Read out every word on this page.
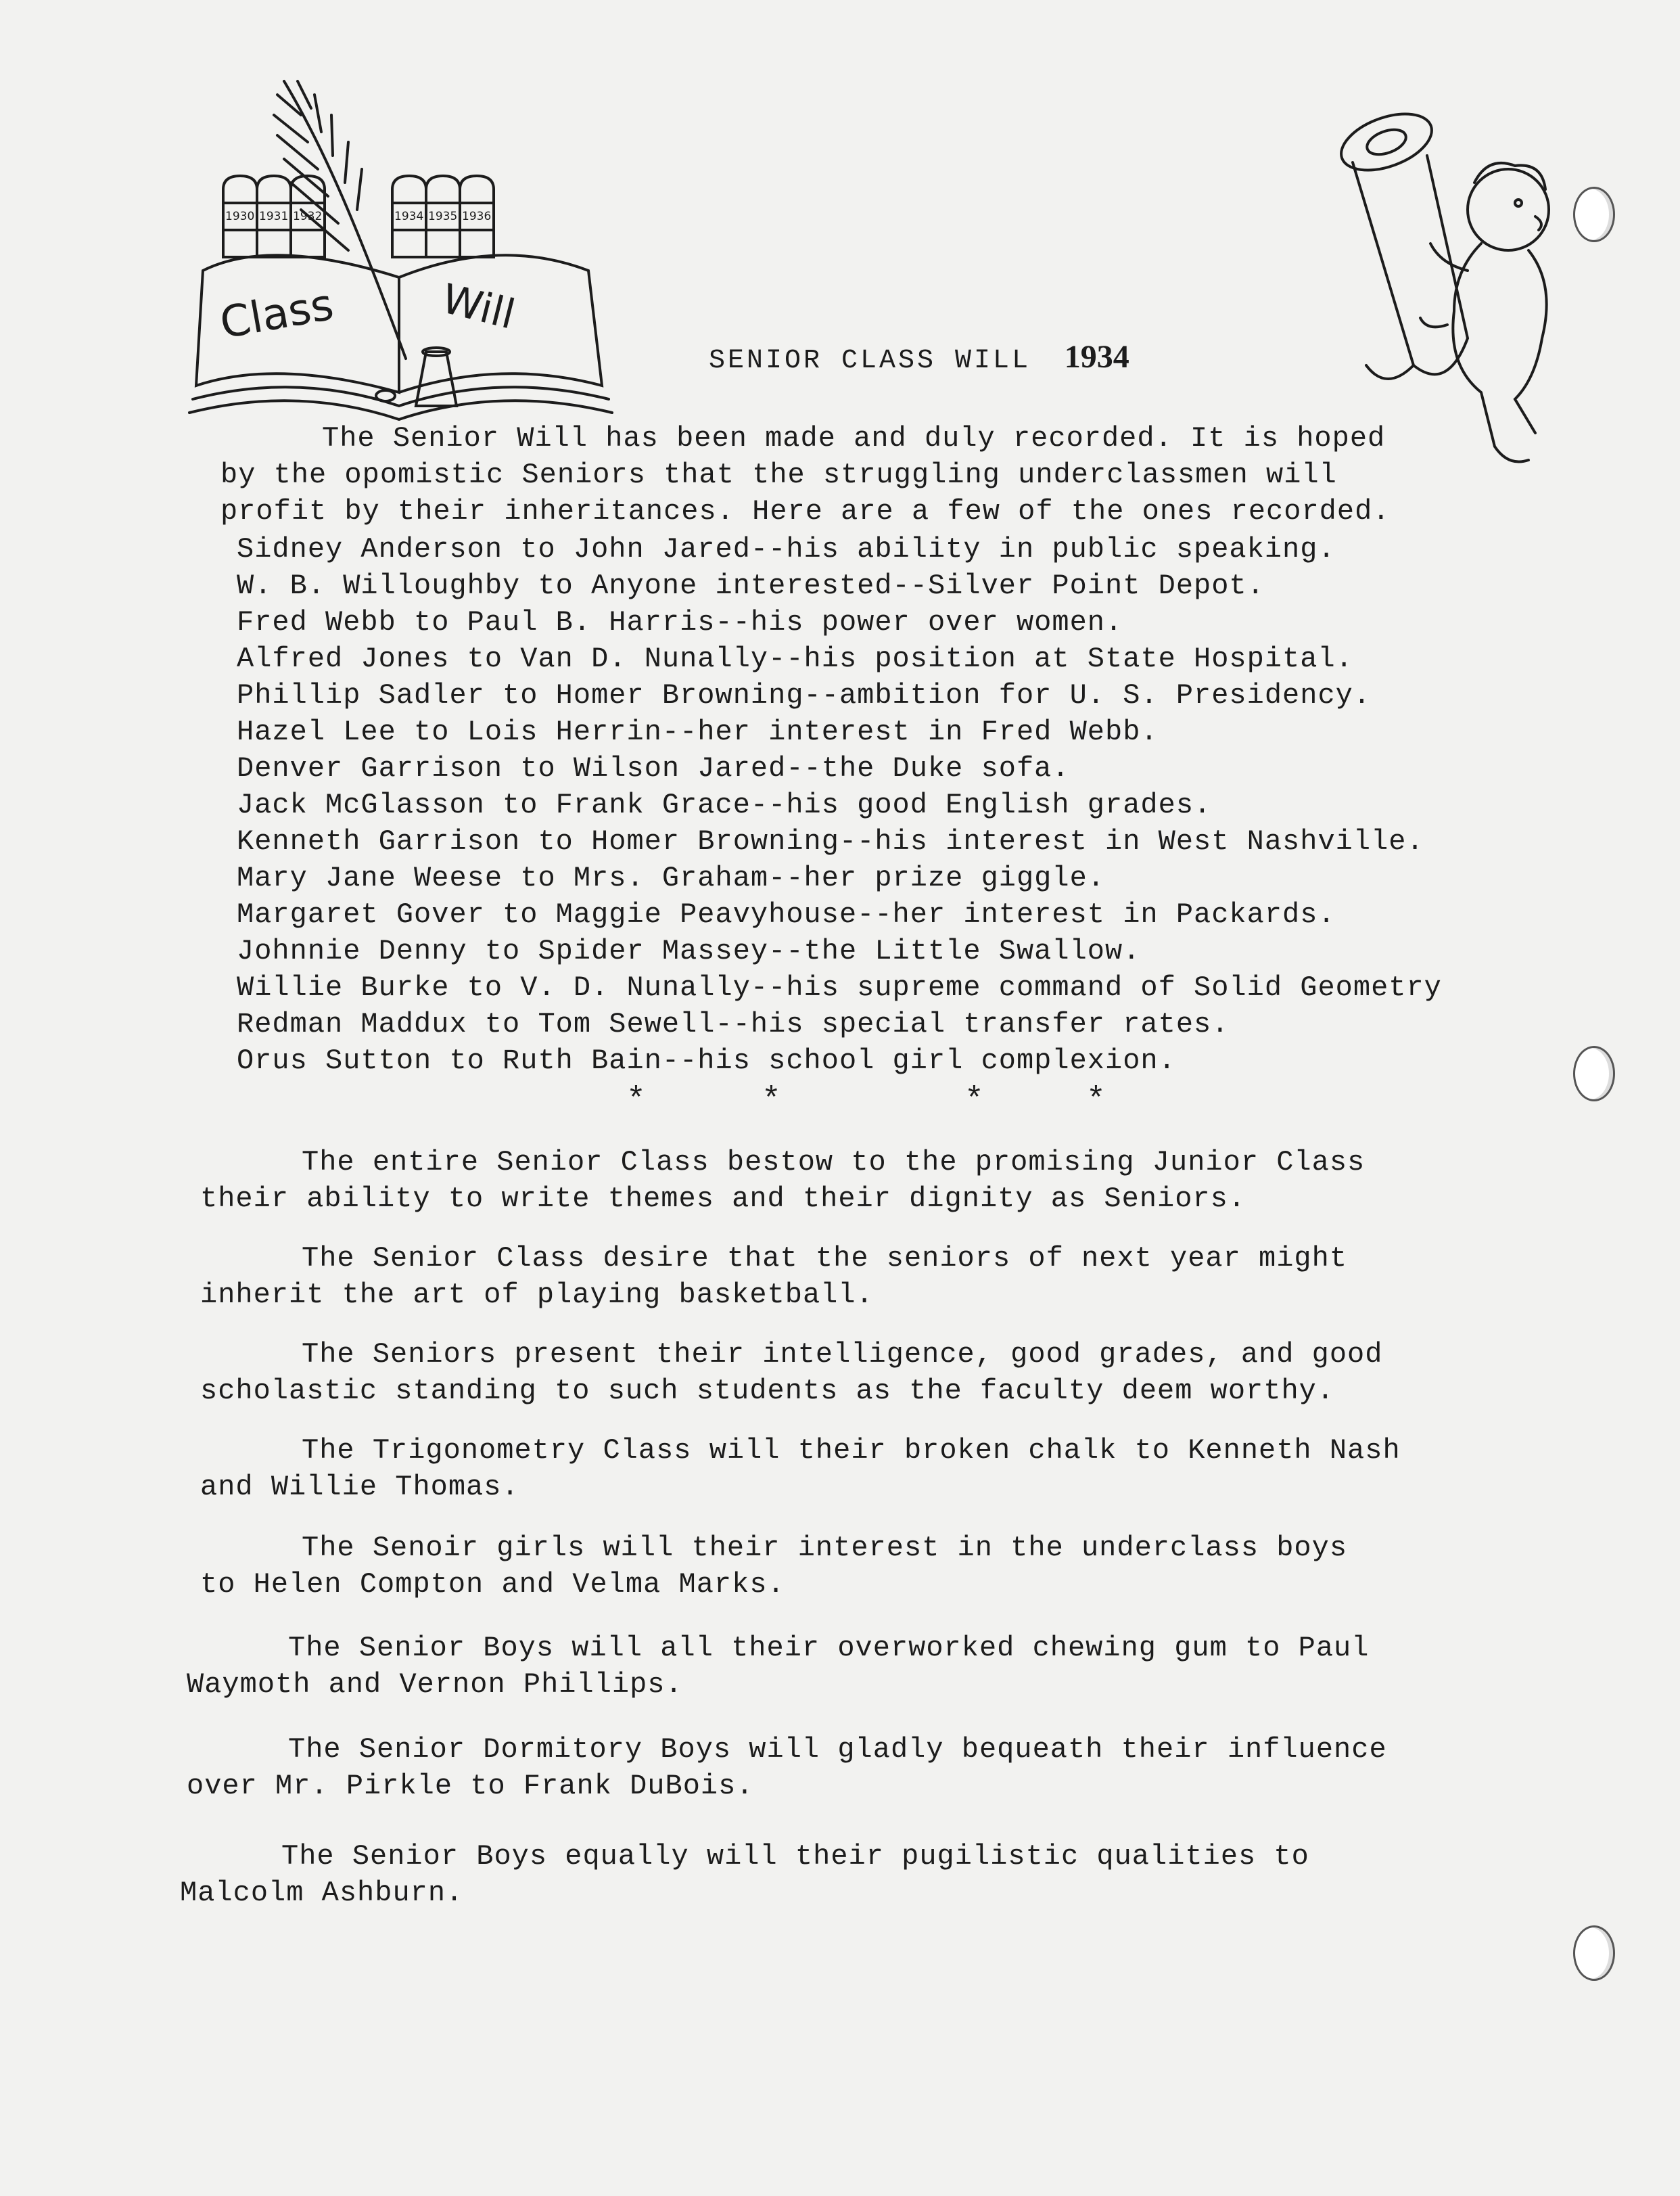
1930 1931 1932	1934 1935 1936
Class Will
SENIOR CLASS WILL 1934
The Senior Will has been made and duly recorded. It is hoped
by the opomistic Seniors that the struggling underclassmen will
profit by their inheritances. Here are a few of the ones recorded.
Sidney Anderson to John Jared--his ability in public speaking.
W. B. Willoughby to Anyone interested--Silver Point Depot.
Fred Webb to Paul B. Harris--his power over women.
Alfred Jones to Van D. Nunally--his position at State Hospital.
Phillip Sadler to Homer Browning--ambition for U. S. Presidency.
Hazel Lee to Lois Herrin--her interest in Fred Webb.
Denver Garrison to Wilson Jared--the Duke sofa.
Jack McGlasson to Frank Grace--his good English grades.
Kenneth Garrison to Homer Browning--his interest in West Nashville.
Mary Jane Weese to Mrs. Graham--her prize giggle.
Margaret Gover to Maggie Peavyhouse--her interest in Packards.
Johnnie Denny to Spider Massey--the Little Swallow.
Willie Burke to V. D. Nunally--his supreme command of Solid Geometry
Redman Maddux to Tom Sewell--his special transfer rates.
Orus Sutton to Ruth Bain--his school girl complexion.
*	*	*	*
The entire Senior Class bestow to the promising Junior Class
their ability to write themes and their dignity as Seniors.
The Senior Class desire that the seniors of next year might
inherit the art of playing basketball.
The Seniors present their intelligence, good grades, and good
scholastic standing to such students as the faculty deem worthy.
The Trigonometry Class will their broken chalk to Kenneth Nash
and Willie Thomas.
The Senoir girls will their interest in the underclass boys
to Helen Compton and Velma Marks.
The Senior Boys will all their overworked chewing gum to Paul
Waymoth and Vernon Phillips.
The Senior Dormitory Boys will gladly bequeath their influence
over Mr. Pirkle to Frank DuBois.
The Senior Boys equally will their pugilistic qualities to
Malcolm Ashburn.
